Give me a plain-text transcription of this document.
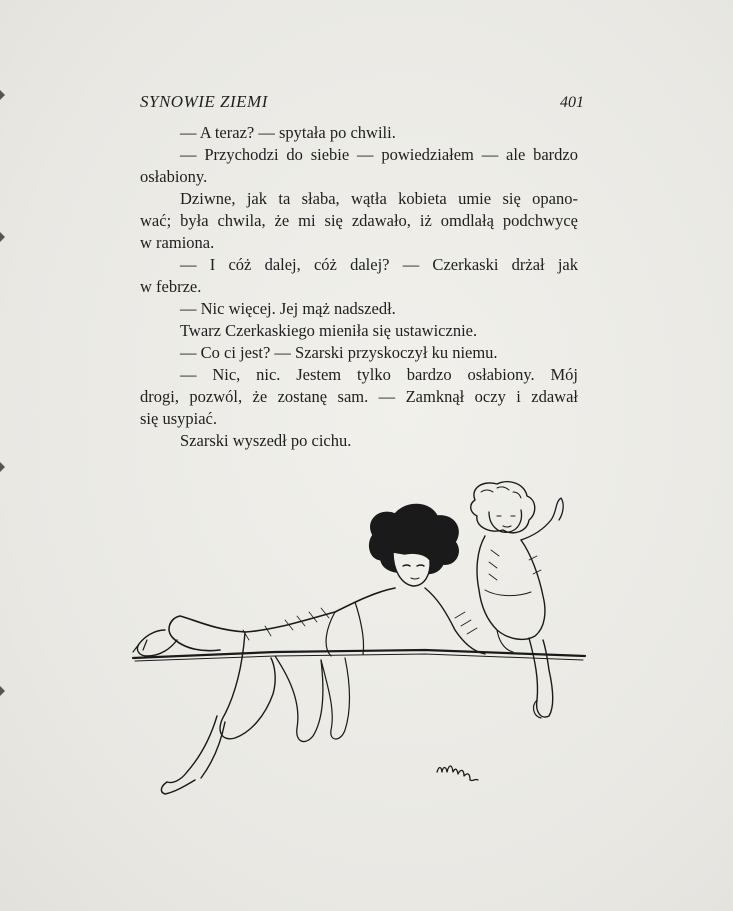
SYNOWIE ZIEMI	401
— A teraz? — spytała po chwili.
— Przychodzi do siebie — powiedziałem — ale bardzo
osłabiony.
Dziwne, jak ta słaba, wątła kobieta umie się opano-
wać; była chwila, że mi się zdawało, iż omdlałą podchwycę
w ramiona.
— I cóż dalej, cóż dalej? — Czerkaski drżał jak
w febrze.
— Nic więcej. Jej mąż nadszedł.
Twarz Czerkaskiego mieniła się ustawicznie.
— Co ci jest? — Szarski przyskoczył ku niemu.
— Nic, nic. Jestem tylko bardzo osłabiony. Mój
drogi, pozwól, że zostanę sam. — Zamknął oczy i zdawał
się usypiać.
Szarski wyszedł po cichu.
